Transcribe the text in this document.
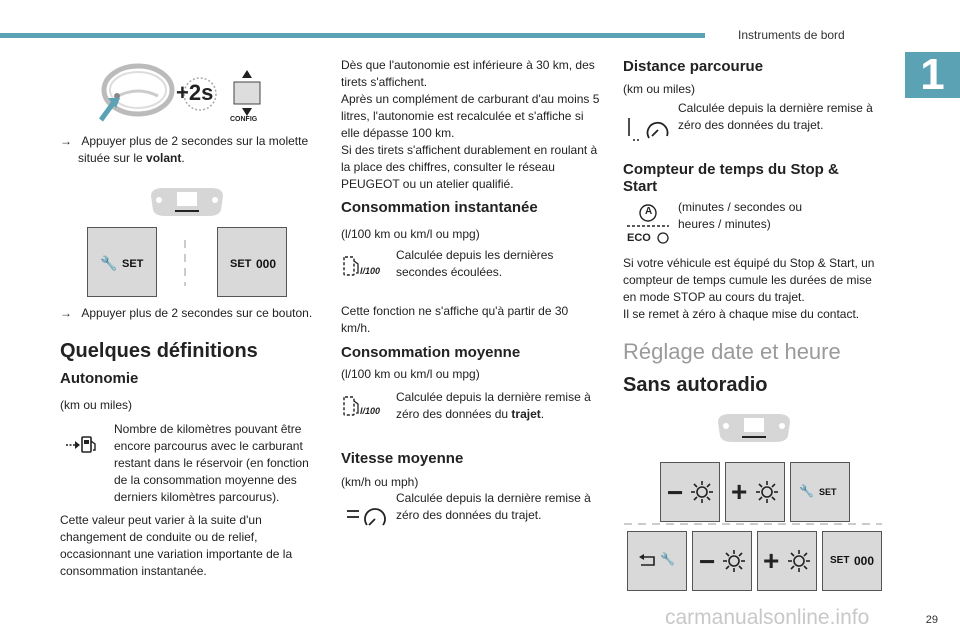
Instruments de bord
1
+2s
CONFIG

→ Appuyer plus de 2 secondes sur la molette située sur le volant.

🔧 SET	SET 000

→ Appuyer plus de 2 secondes sur ce bouton.

Quelques définitions
Autonomie

(km ou miles)

Nombre de kilomètres pouvant être encore parcourus avec le carburant restant dans le réservoir (en fonction de la consommation moyenne des derniers kilomètres parcourus).

Cette valeur peut varier à la suite d'un changement de conduite ou de relief, occasionnant une variation importante de la consommation instantanée.

Dès que l'autonomie est inférieure à 30 km, des tirets s'affichent.
Après un complément de carburant d'au moins 5 litres, l'autonomie est recalculée et s'affiche si elle dépasse 100 km.
Si des tirets s'affichent durablement en roulant à la place des chiffres, consulter le réseau PEUGEOT ou un atelier qualifié.

Consommation instantanée

(l/100 km ou km/l ou mpg)

l/100

Calculée depuis les dernières secondes écoulées.

Cette fonction ne s'affiche qu'à partir de 30 km/h.

Consommation moyenne

(l/100 km ou km/l ou mpg)

l/100

Calculée depuis la dernière remise à zéro des données du trajet.

Vitesse moyenne

(km/h ou mph)

Calculée depuis la dernière remise à zéro des données du trajet.

Distance parcourue

(km ou miles)

Calculée depuis la dernière remise à zéro des données du trajet.

Compteur de temps du Stop & Start
A
ECO

(minutes / secondes ou heures / minutes)

Si votre véhicule est équipé du Stop & Start, un compteur de temps cumule les durées de mise en mode STOP au cours du trajet.
Il se remet à zéro à chaque mise du contact.

Réglage date et heure
Sans autoradio
− +	🔧 SET
🔧 − +	SET 000
carmanualsonline.info	29
